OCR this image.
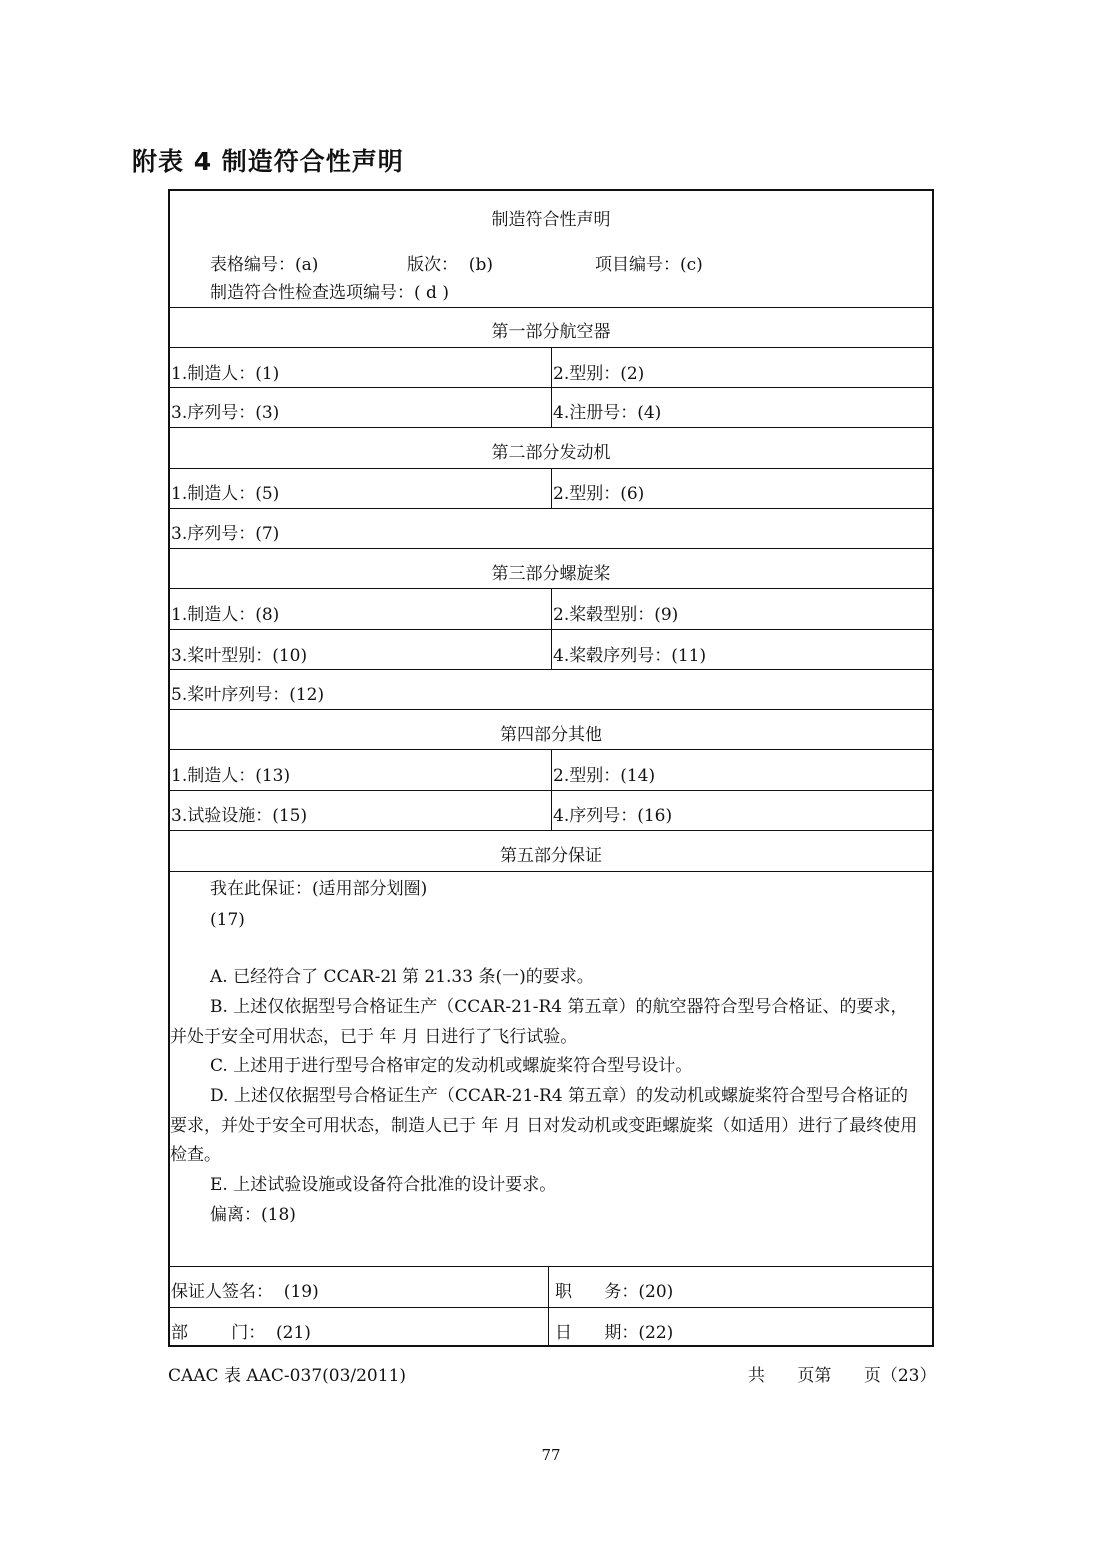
附表 4 制造符合性声明
制造符合性声明
表格编号：(a)	版次：  (b)	项目编号：(c)
制造符合性检查选项编号：( d )
第一部分航空器
1.制造人：(1)	2.型别：(2)
3.序列号：(3)	4.注册号：(4)
第二部分发动机
1.制造人：(5)	2.型别：(6)
3.序列号：(7)
第三部分螺旋桨
1.制造人：(8)	2.桨毂型别：(9)
3.桨叶型别：(10)	4.桨毂序列号：(11)
5.桨叶序列号：(12)
第四部分其他
1.制造人：(13)	2.型别：(14)
3.试验设施：(15)	4.序列号：(16)
第五部分保证
我在此保证：(适用部分划圈)
(17)
A. 已经符合了 CCAR-2l 第 21.33 条(一)的要求。
B. 上述仅依据型号合格证生产（CCAR-21-R4 第五章）的航空器符合型号合格证、的要求，并处于安全可用状态，已于 年 月 日进行了飞行试验。
C. 上述用于进行型号合格审定的发动机或螺旋桨符合型号设计。
D. 上述仅依据型号合格证生产（CCAR-21-R4 第五章）的发动机或螺旋桨符合型号合格证的要求，并处于安全可用状态，制造人已于 年 月 日对发动机或变距螺旋桨（如适用）进行了最终使用检查。
E. 上述试验设施或设备符合批准的设计要求。
偏离：(18)
保证人签名：  (19)	职      务：(20)
部        门：  (21)	日      期：(22)
CAAC 表 AAC-037(03/2011)	共      页第      页（23）
77
